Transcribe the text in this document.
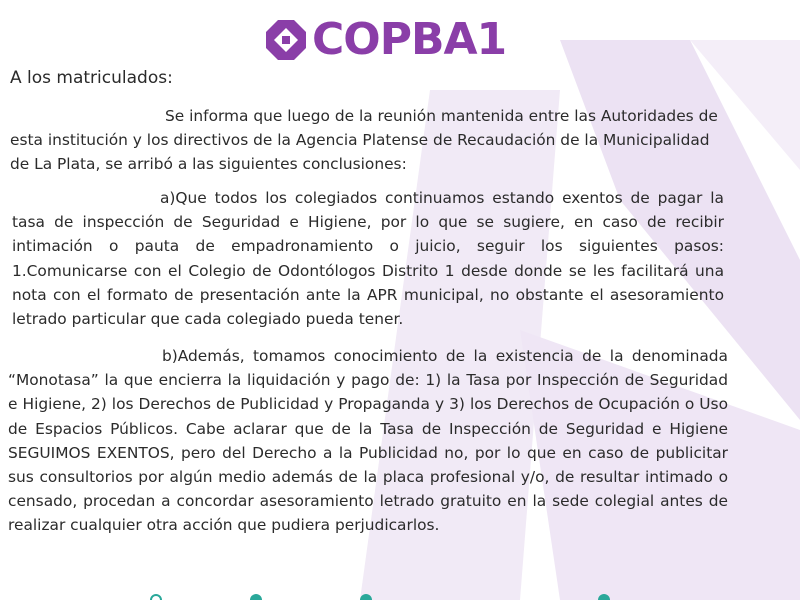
COPBA1
A los matriculados:

Se informa que luego de la reunión mantenida entre las Autoridades de esta institución y los directivos de la Agencia Platense de Recaudación de la Municipalidad de La Plata, se arribó a las siguientes conclusiones:

a)Que todos los colegiados continuamos estando exentos de pagar la tasa de inspección de Seguridad e Higiene, por lo que se sugiere, en caso de recibir intimación o pauta de empadronamiento o juicio, seguir los siguientes pasos: 1.Comunicarse con el Colegio de Odontólogos Distrito 1 desde donde se les facilitará una nota con el formato de presentación ante la APR municipal, no obstante el asesoramiento letrado particular que cada colegiado pueda tener.

b)Además, tomamos conocimiento de la existencia de la denominada “Monotasa” la que encierra la liquidación y pago de: 1) la Tasa por Inspección de Seguridad e Higiene, 2) los Derechos de Publicidad y Propaganda y 3) los Derechos de Ocupación o Uso de Espacios Públicos. Cabe aclarar que de la Tasa de Inspección de Seguridad e Higiene SEGUIMOS EXENTOS, pero del Derecho a la Publicidad no, por lo que en caso de publicitar sus consultorios por algún medio además de la placa profesional y/o, de resultar intimado o censado, procedan a concordar asesoramiento letrado gratuito en la sede colegial antes de realizar cualquier otra acción que pudiera perjudicarlos.
